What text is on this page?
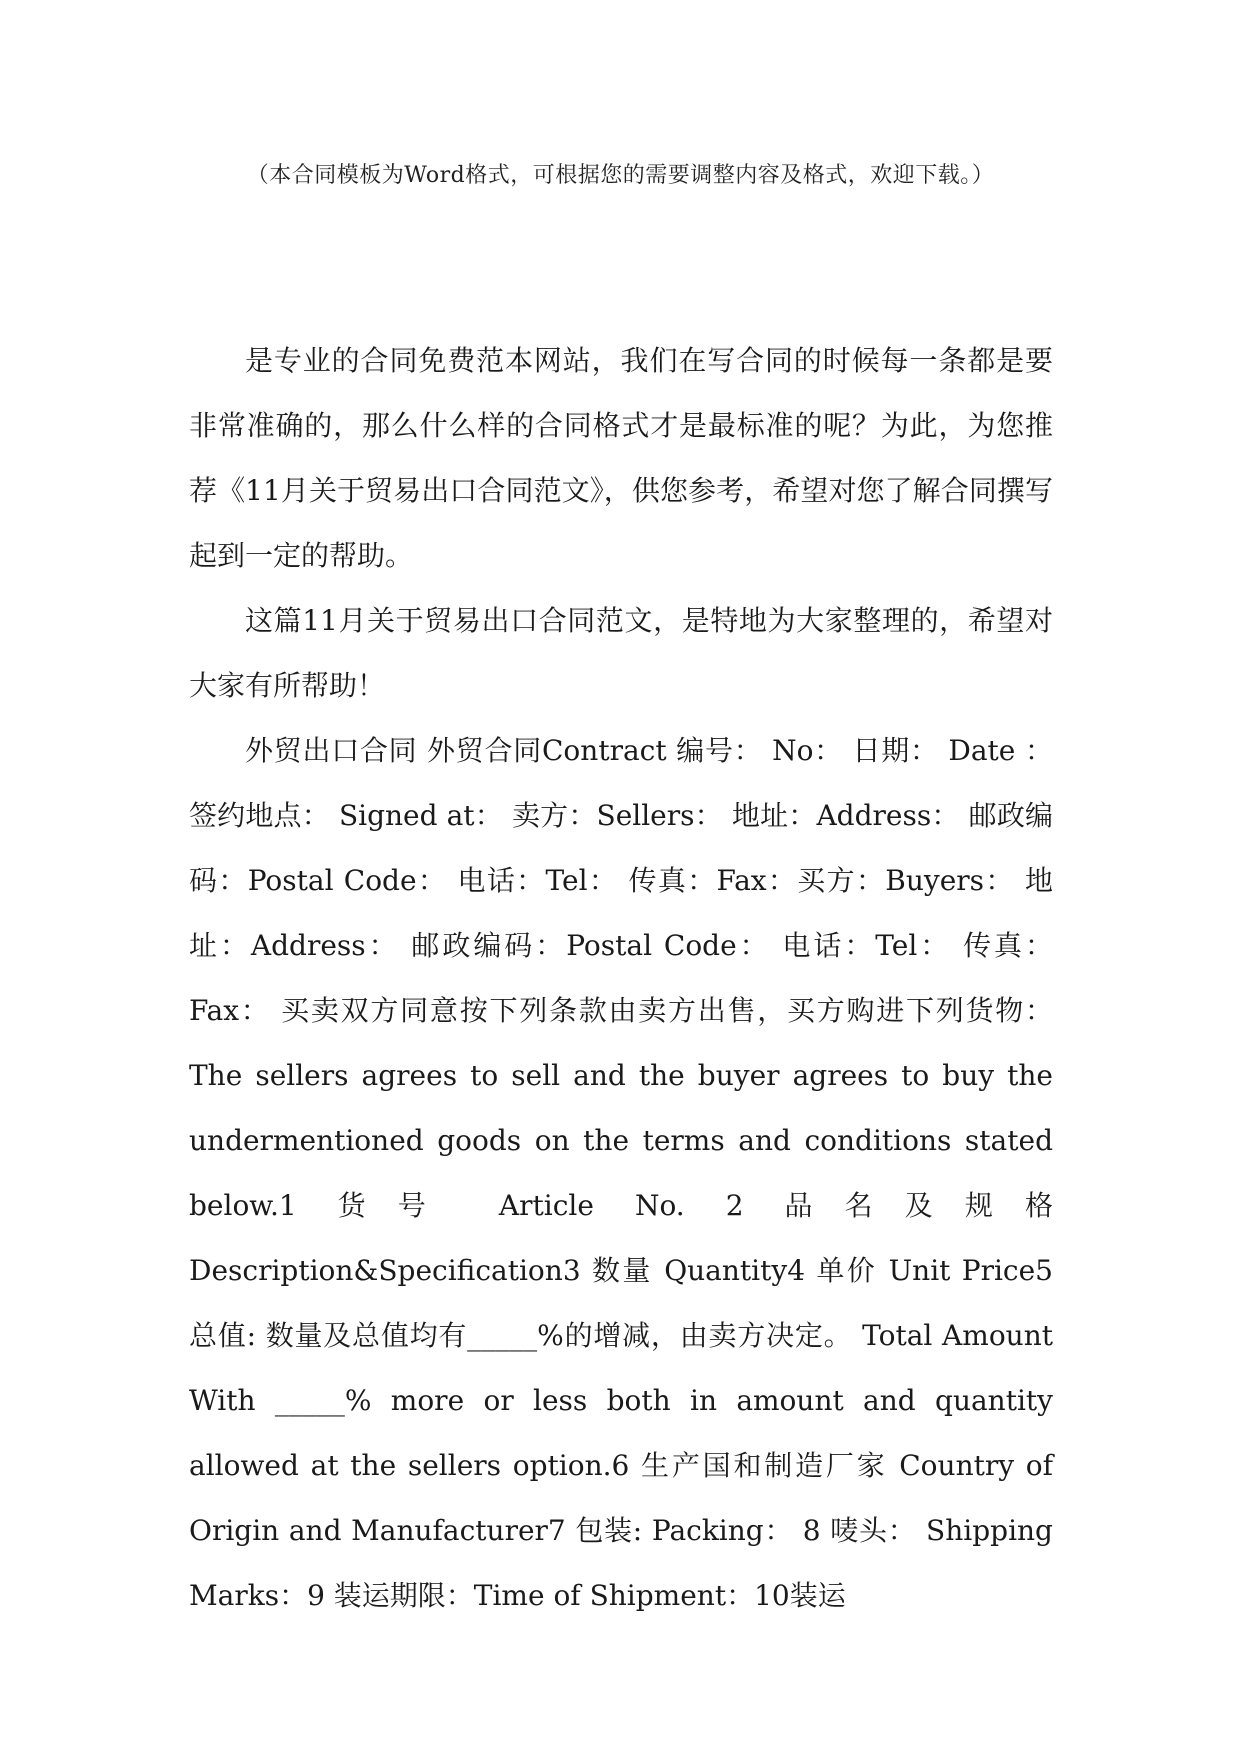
（本合同模板为Word格式，可根据您的需要调整内容及格式，欢迎下载。）

是专业的合同免费范本网站，我们在写合同的时候每一条都是要非常准确的，那么什么样的合同格式才是最标准的呢？为此，为您推荐《11月关于贸易出口合同范文》，供您参考，希望对您了解合同撰写起到一定的帮助。

这篇11月关于贸易出口合同范文，是特地为大家整理的，希望对大家有所帮助！

外贸出口合同 外贸合同Contract 编号： No： 日期： Date ：签约地点： Signed at： 卖方：Sellers： 地址：Address： 邮政编码：Postal Code： 电话：Tel： 传真：Fax：买方：Buyers： 地址：Address： 邮政编码：Postal Code： 电话：Tel： 传真：Fax： 买卖双方同意按下列条款由卖方出售，买方购进下列货物： The sellers agrees to sell and the buyer agrees to buy the undermentioned goods on the terms and conditions stated below.1 货号 Article No. 2 品名及规格 Description&Specification3 数量 Quantity4 单价 Unit Price5 总值: 数量及总值均有_____%的增减，由卖方决定。 Total Amount With _____% more or less both in amount and quantity allowed at the sellers option.6 生产国和制造厂家 Country of Origin and Manufacturer7 包装: Packing： 8 唛头： Shipping Marks：9 装运期限：Time of Shipment：10装运
